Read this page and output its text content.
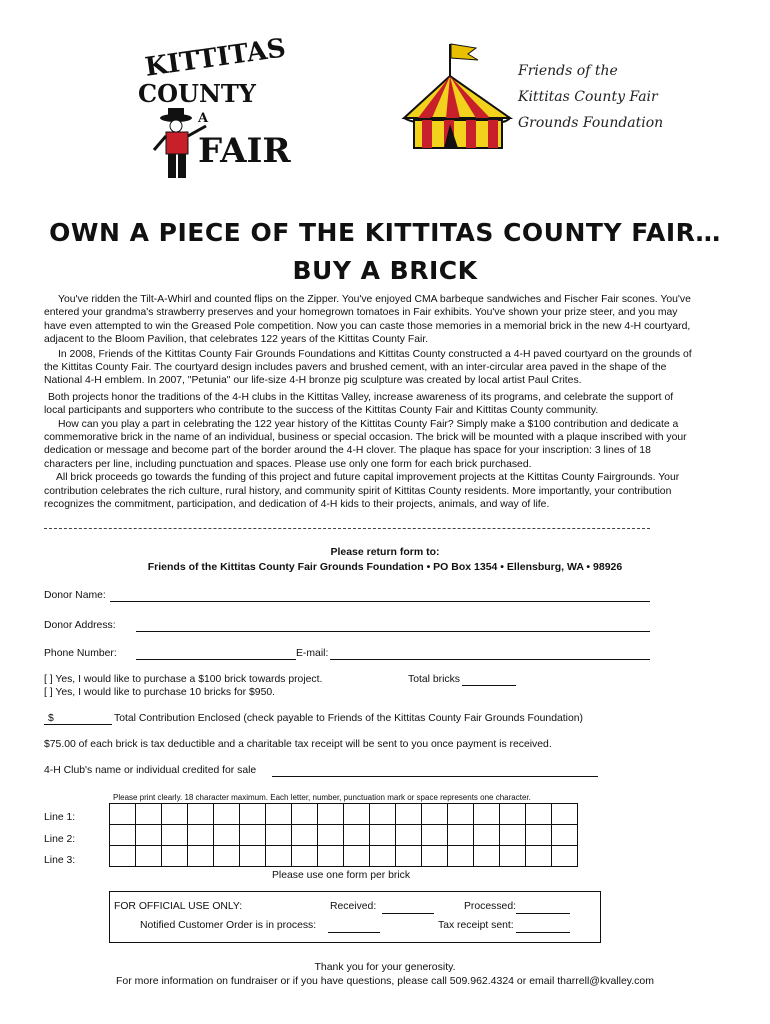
KITTITAS
COUNTY
A
FAIR
Friends of the
Kittitas County Fair
Grounds Foundation
OWN A PIECE OF THE KITTITAS COUNTY FAIR…
BUY A BRICK

You've ridden the Tilt-A-Whirl and counted flips on the Zipper. You've enjoyed CMA barbeque sandwiches and Fischer Fair scones. You've entered your grandma's strawberry preserves and your homegrown tomatoes in Fair exhibits. You've shown your prize steer, and you may have even attempted to win the Greased Pole competition. Now you can caste those memories in a memorial brick in the new 4-H courtyard, adjacent to the Bloom Pavilion, that celebrates 122 years of the Kittitas County Fair.

In 2008, Friends of the Kittitas County Fair Grounds Foundations and Kittitas County constructed a 4-H paved courtyard on the grounds of the Kittitas County Fair. The courtyard design includes pavers and brushed cement, with an inter-circular area paved in the shape of the National 4-H emblem. In 2007, "Petunia" our life-size 4-H bronze pig sculpture was created by local artist Paul Crites.

Both projects honor the traditions of the 4-H clubs in the Kittitas Valley, increase awareness of its programs, and celebrate the support of local participants and supporters who contribute to the success of the Kittitas County Fair and Kittitas County community.

How can you play a part in celebrating the 122 year history of the Kittitas County Fair? Simply make a $100 contribution and dedicate a commemorative brick in the name of an individual, business or special occasion. The brick will be mounted with a plaque inscribed with your dedication or message and become part of the border around the 4-H clover. The plaque has space for your inscription: 3 lines of 18 characters per line, including punctuation and spaces. Please use only one form for each brick purchased.

All brick proceeds go towards the funding of this project and future capital improvement projects at the Kittitas County Fairgrounds. Your contribution celebrates the rich culture, rural history, and community spirit of Kittitas County residents. More importantly, your contribution recognizes the commitment, participation, and dedication of 4-H kids to their projects, animals, and way of life.

Please return form to:
Friends of the Kittitas County Fair Grounds Foundation • PO Box 1354 • Ellensburg, WA • 98926
Donor Name:
Donor Address:
Phone Number:	E-mail:
[ ] Yes, I would like to purchase a $100 brick towards project.
[ ] Yes, I would like to purchase 10 bricks for $950.
Total bricks
$	Total Contribution Enclosed (check payable to Friends of the Kittitas County Fair Grounds Foundation)
$75.00 of each brick is tax deductible and a charitable tax receipt will be sent to you once payment is received.
4-H Club's name or individual credited for sale
Please print clearly. 18 character maximum. Each letter, number, punctuation mark or space represents one character.
Line 1:
Line 2:
Line 3:

Please use one form per brick
FOR OFFICIAL USE ONLY:	Received:	Processed:
Notified Customer Order is in process:	Tax receipt sent:
Thank you for your generosity.
For more information on fundraiser or if you have questions, please call 509.962.4324 or email tharrell@kvalley.com
